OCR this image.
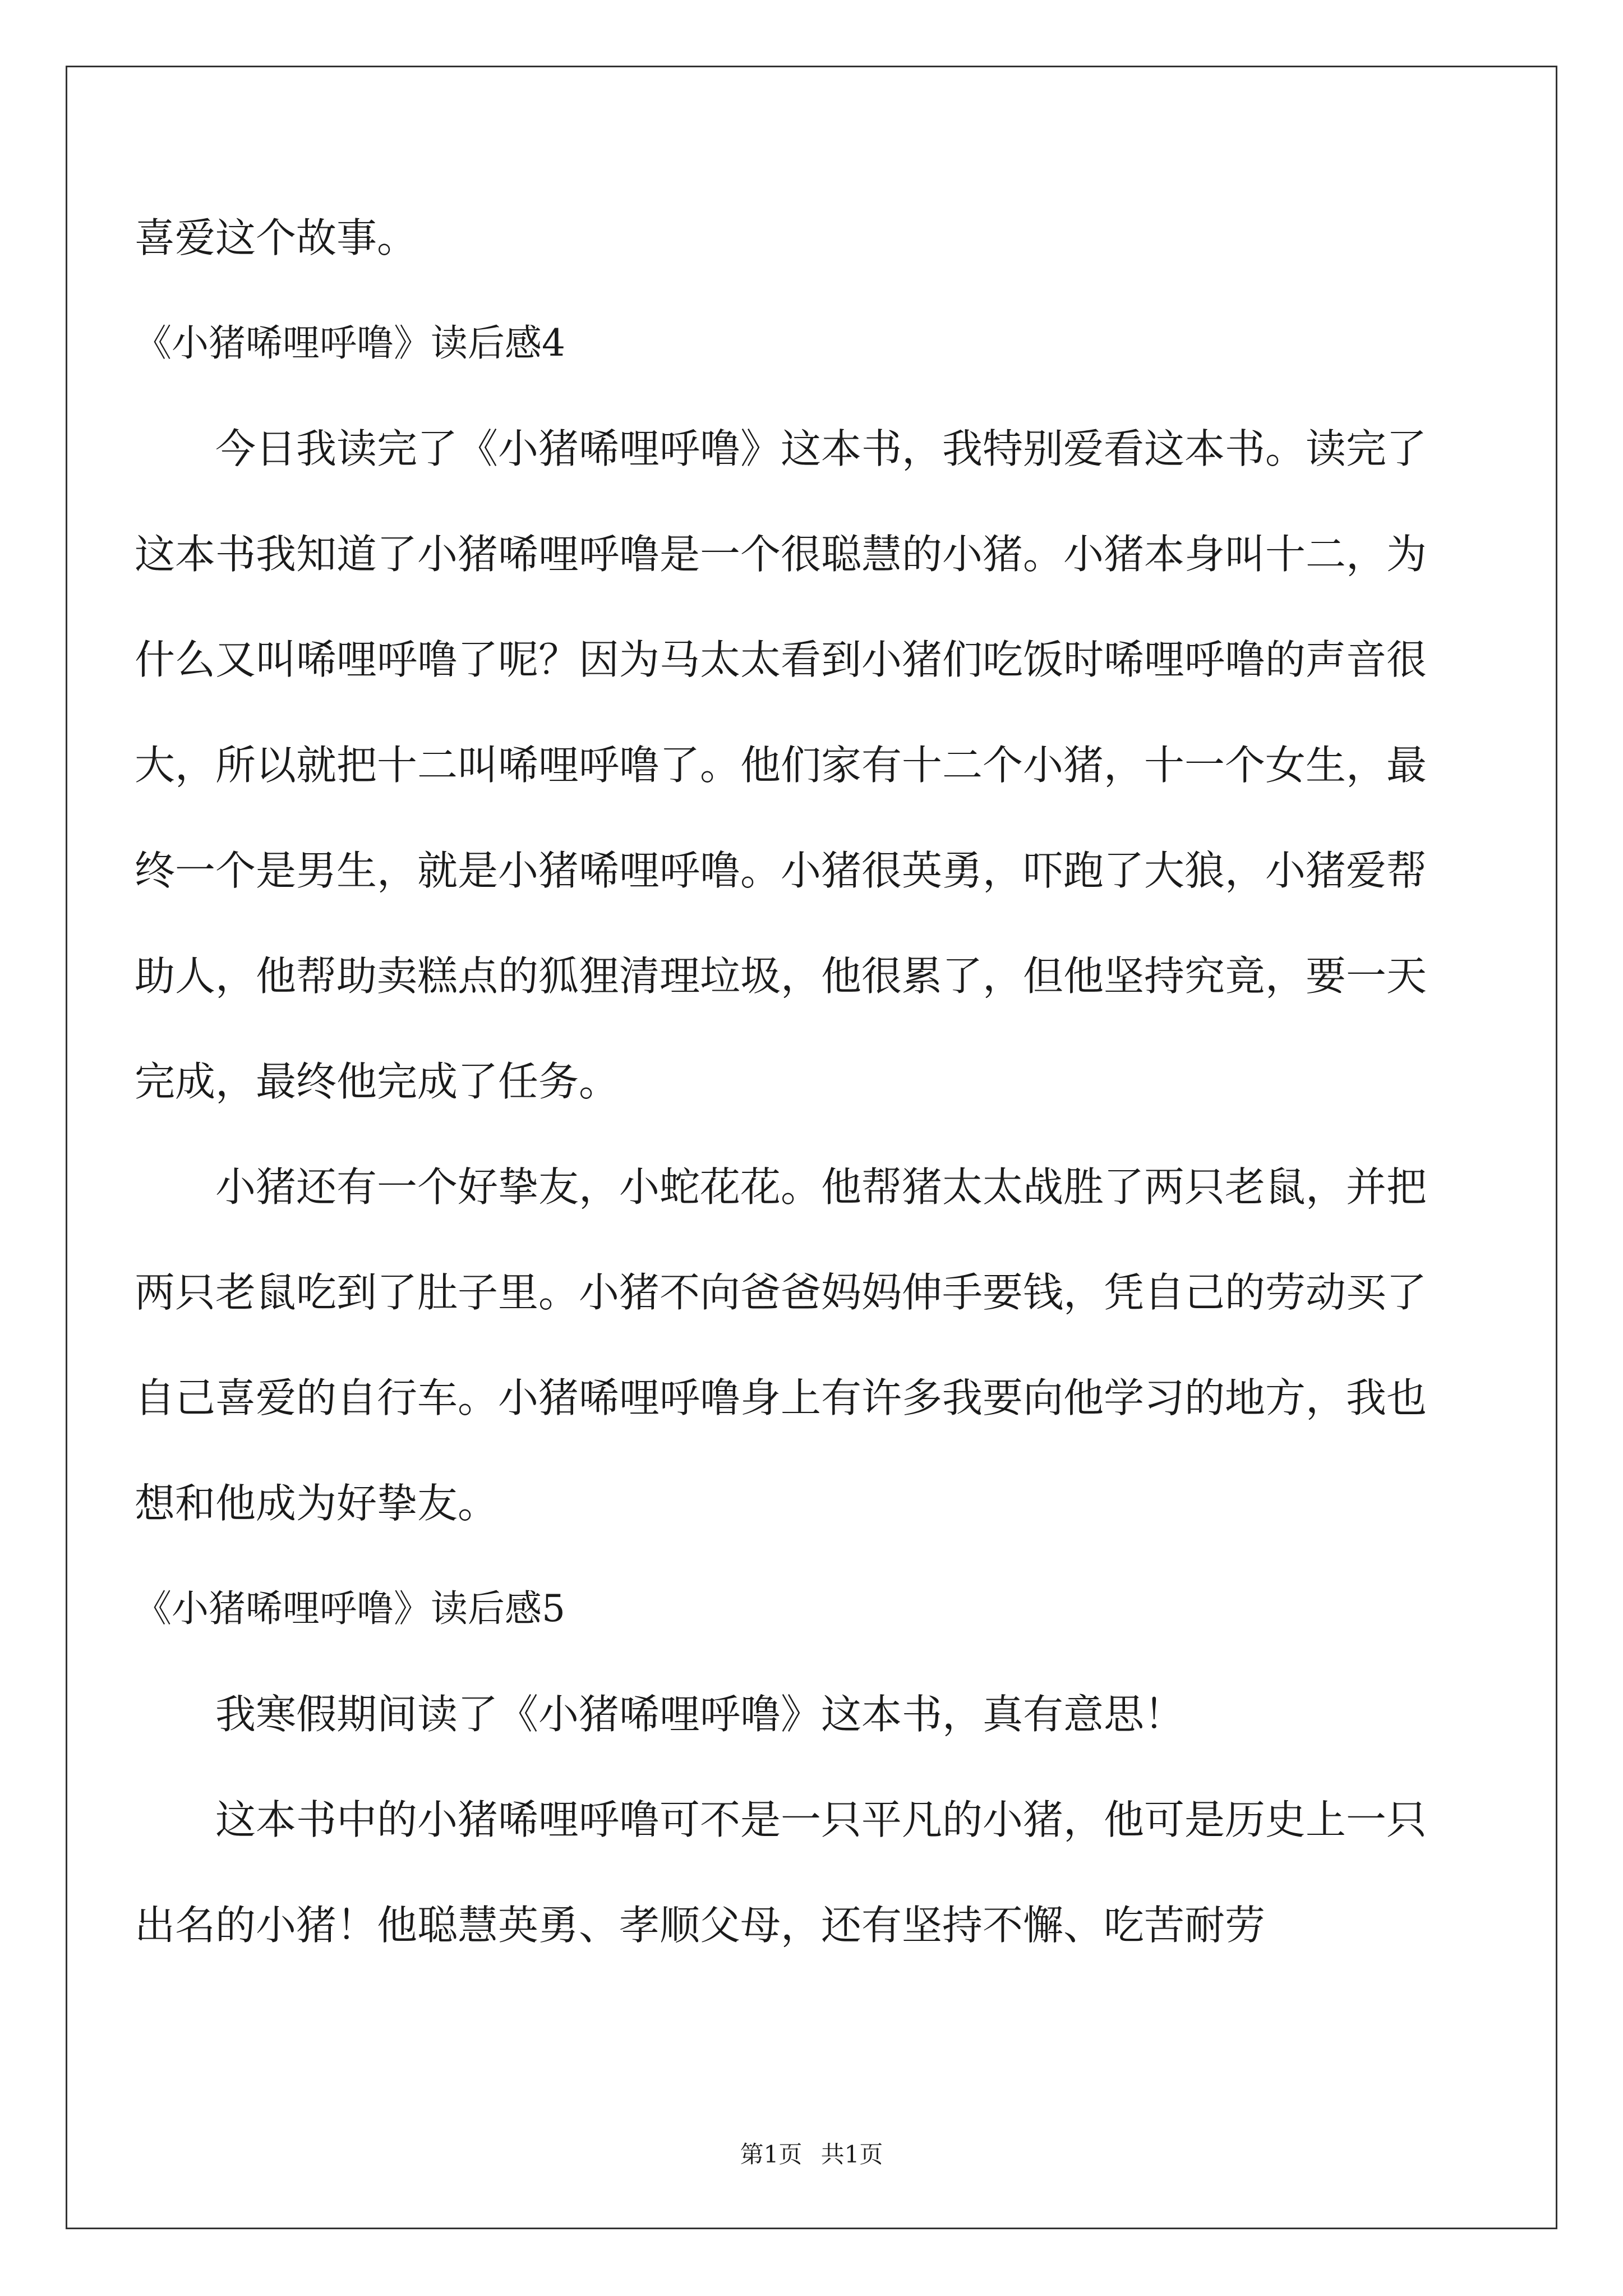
喜爱这个故事。

《小猪唏哩呼噜》读后感4

今日我读完了《小猪唏哩呼噜》这本书，我特别爱看这本书。读完了这本书我知道了小猪唏哩呼噜是一个很聪慧的小猪。小猪本身叫十二，为什么又叫唏哩呼噜了呢？因为马太太看到小猪们吃饭时唏哩呼噜的声音很大，所以就把十二叫唏哩呼噜了。他们家有十二个小猪，十一个女生，最终一个是男生，就是小猪唏哩呼噜。小猪很英勇，吓跑了大狼，小猪爱帮助人，他帮助卖糕点的狐狸清理垃圾，他很累了，但他坚持究竟，要一天完成，最终他完成了任务。

小猪还有一个好挚友，小蛇花花。他帮猪太太战胜了两只老鼠，并把两只老鼠吃到了肚子里。小猪不向爸爸妈妈伸手要钱，凭自己的劳动买了自己喜爱的自行车。小猪唏哩呼噜身上有许多我要向他学习的地方，我也想和他成为好挚友。

《小猪唏哩呼噜》读后感5

我寒假期间读了《小猪唏哩呼噜》这本书，真有意思！

这本书中的小猪唏哩呼噜可不是一只平凡的小猪，他可是历史上一只出名的小猪！他聪慧英勇、孝顺父母，还有坚持不懈、吃苦耐劳

第1页 共1页
